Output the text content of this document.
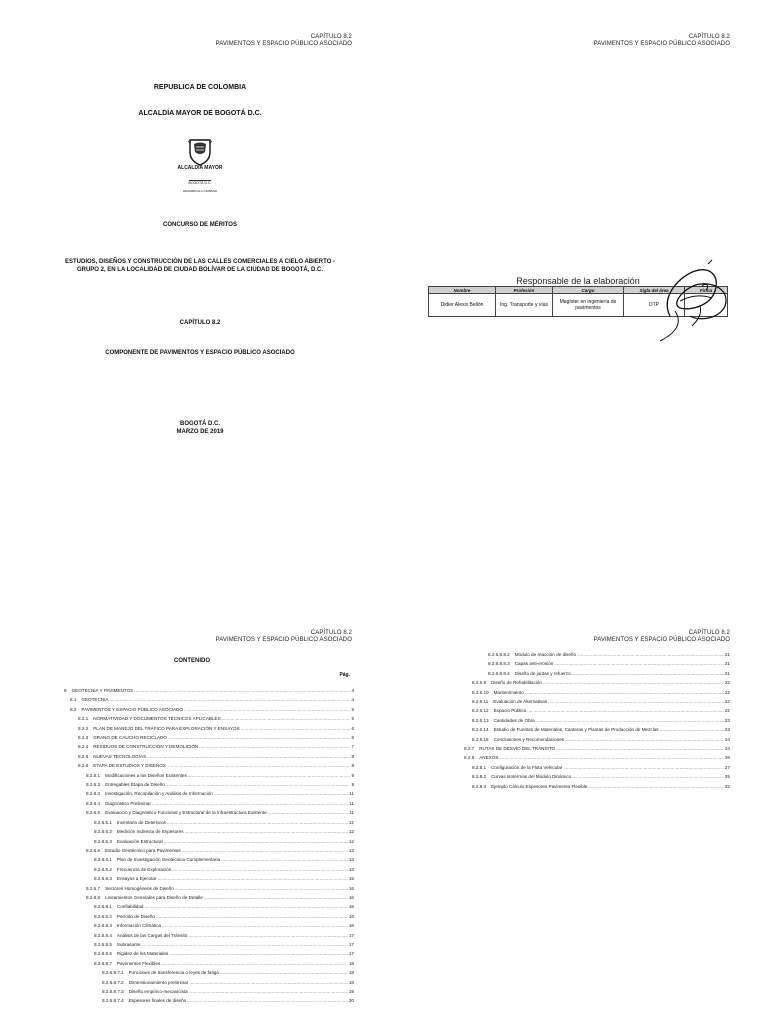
CAPÍTULO 8.2
PAVIMENTOS Y ESPACIO PÚBLICO ASOCIADO
REPUBLICA DE COLOMBIA
ALCALDÍA MAYOR DE BOGOTÁ D.C.
ALCALDÍA MAYOR
BOGOTÁ D.C.
DESARROLLO URBANO
CONCURSO DE MÉRITOS
ESTUDIOS, DISEÑOS Y CONSTRUCCIÓN DE LAS CALLES COMERCIALES A CIELO ABIERTO - GRUPO 2, EN LA LOCALIDAD DE CIUDAD BOLÍVAR DE LA CIUDAD DE BOGOTÁ, D.C.
CAPÍTULO 8.2
COMPONENTE DE PAVIMENTOS Y ESPACIO PÚBLICO ASOCIADO
BOGOTÁ D.C.
MARZO DE 2019
CAPÍTULO 8.2
PAVIMENTOS Y ESPACIO PÚBLICO ASOCIADO
Responsable de la elaboración
Nombre	Profesión	Cargo	Sigla del área	Firma
Didier Alexis Bellón	Ing. Transporte y vías	Magíster en ingeniería de pavimentos	DTP	
CAPÍTULO 8.2
PAVIMENTOS Y ESPACIO PÚBLICO ASOCIADO
CONTENIDO
Pág.
8 GEOTECNIA Y PAVIMENTOS .....	4
8.1 GEOTECNIA .....	4
8.2 PAVIMENTOS Y ESPACIO PÚBLICO ASOCIADO .....	5
8.2.1 NORMATIVIDAD Y DOCUMENTOS TÉCNICOS APLICABLES .....	5
8.2.2 PLAN DE MANEJO DEL TRÁFICO PARA EXPLORACIÓN Y ENSAYOS .....	6
8.2.3 GRANO DE CAUCHO RECICLADO .....	6
8.2.4 RESIDUOS DE CONSTRUCCIÓN Y DEMOLICIÓN .....	7
8.2.5 NUEVAS TECNOLOGÍAS .....	8
8.2.6 ETAPA DE ESTUDIOS Y DISEÑOS .....	8
8.2.6.1 Modificaciones a los Diseños Existentes .....	9
8.2.6.2 Entregables Etapa de Diseño .....	9
8.2.6.3 Investigación, Recopilación y Análisis de Información .....	11
8.2.6.4 Diagnóstico Preliminar .....	11
8.2.6.5 Evaluación y Diagnóstico Funcional y Estructural de la Infraestructura Existente .....	11
8.2.6.5.1 Inventario de Deterioros .....	12
8.2.6.5.2 Medición Indirecta de Espesores .....	12
8.2.6.5.3 Evaluación Estructural .....	12
8.2.6.6 Estudio Geotécnico para Pavimentos .....	13
8.2.6.6.1 Plan de Investigación Geotécnica Complementaria .....	13
8.2.6.6.2 Frecuencia de Exploración .....	13
8.2.6.6.3 Ensayos a Ejecutar .....	15
8.2.6.7 Sectores Homogéneos de Diseño .....	16
8.2.6.8 Lineamientos Generales para Diseño de Detalle .....	16
8.2.6.8.1 Confiabilidad .....	16
8.2.6.8.2 Período de Diseño .....	16
8.2.6.8.3 Información Climática .....	16
8.2.6.8.4 Análisis de las Cargas del Tránsito .....	17
8.2.6.8.5 Subrasante .....	17
8.2.6.8.6 Rigidez de los Materiales .....	17
8.2.6.8.7 Pavimentos Flexibles .....	18
8.2.6.8.7.1 Funciones de transferencia o leyes de fatiga .....	18
8.2.6.8.7.2 Dimensionamiento preliminar .....	18
8.2.6.8.7.3 Diseño empírico-mecanicista .....	19
8.2.6.8.7.4 Espesores finales de diseño .....	20
CAPÍTULO 8.2
PAVIMENTOS Y ESPACIO PÚBLICO ASOCIADO
8.2.6.8.8.2 Módulo de reacción de diseño .....	21
8.2.6.8.8.3 Capas anti-erosión .....	21
8.2.6.8.8.4 Diseño de juntas y refuerzo .....	21
8.2.6.9 Diseño de Rehabilitación .....	22
8.2.6.10 Mantenimiento .....	22
8.2.6.11 Evaluación de Alternativas .....	22
8.2.6.12 Espacio Público .....	22
8.2.6.13 Cantidades de Obra .....	23
8.2.6.14 Estudio de Fuentes de Materiales, Canteras y Plantas de Producción de Mezclas .....	23
8.2.6.15 Conclusiones y Recomendaciones .....	24
8.2.7 RUTAS DE DESVÍO DEL TRÁNSITO .....	24
8.2.8 ANEXOS .....	26
8.2.8.1 Configuración de la Flota Vehicular .....	27
8.2.8.2 Curvas Isotermas del Módulo Dinámico .....	29
8.2.8.3 Ejemplo Cálculo Espesores Pavimento Flexible .....	32
